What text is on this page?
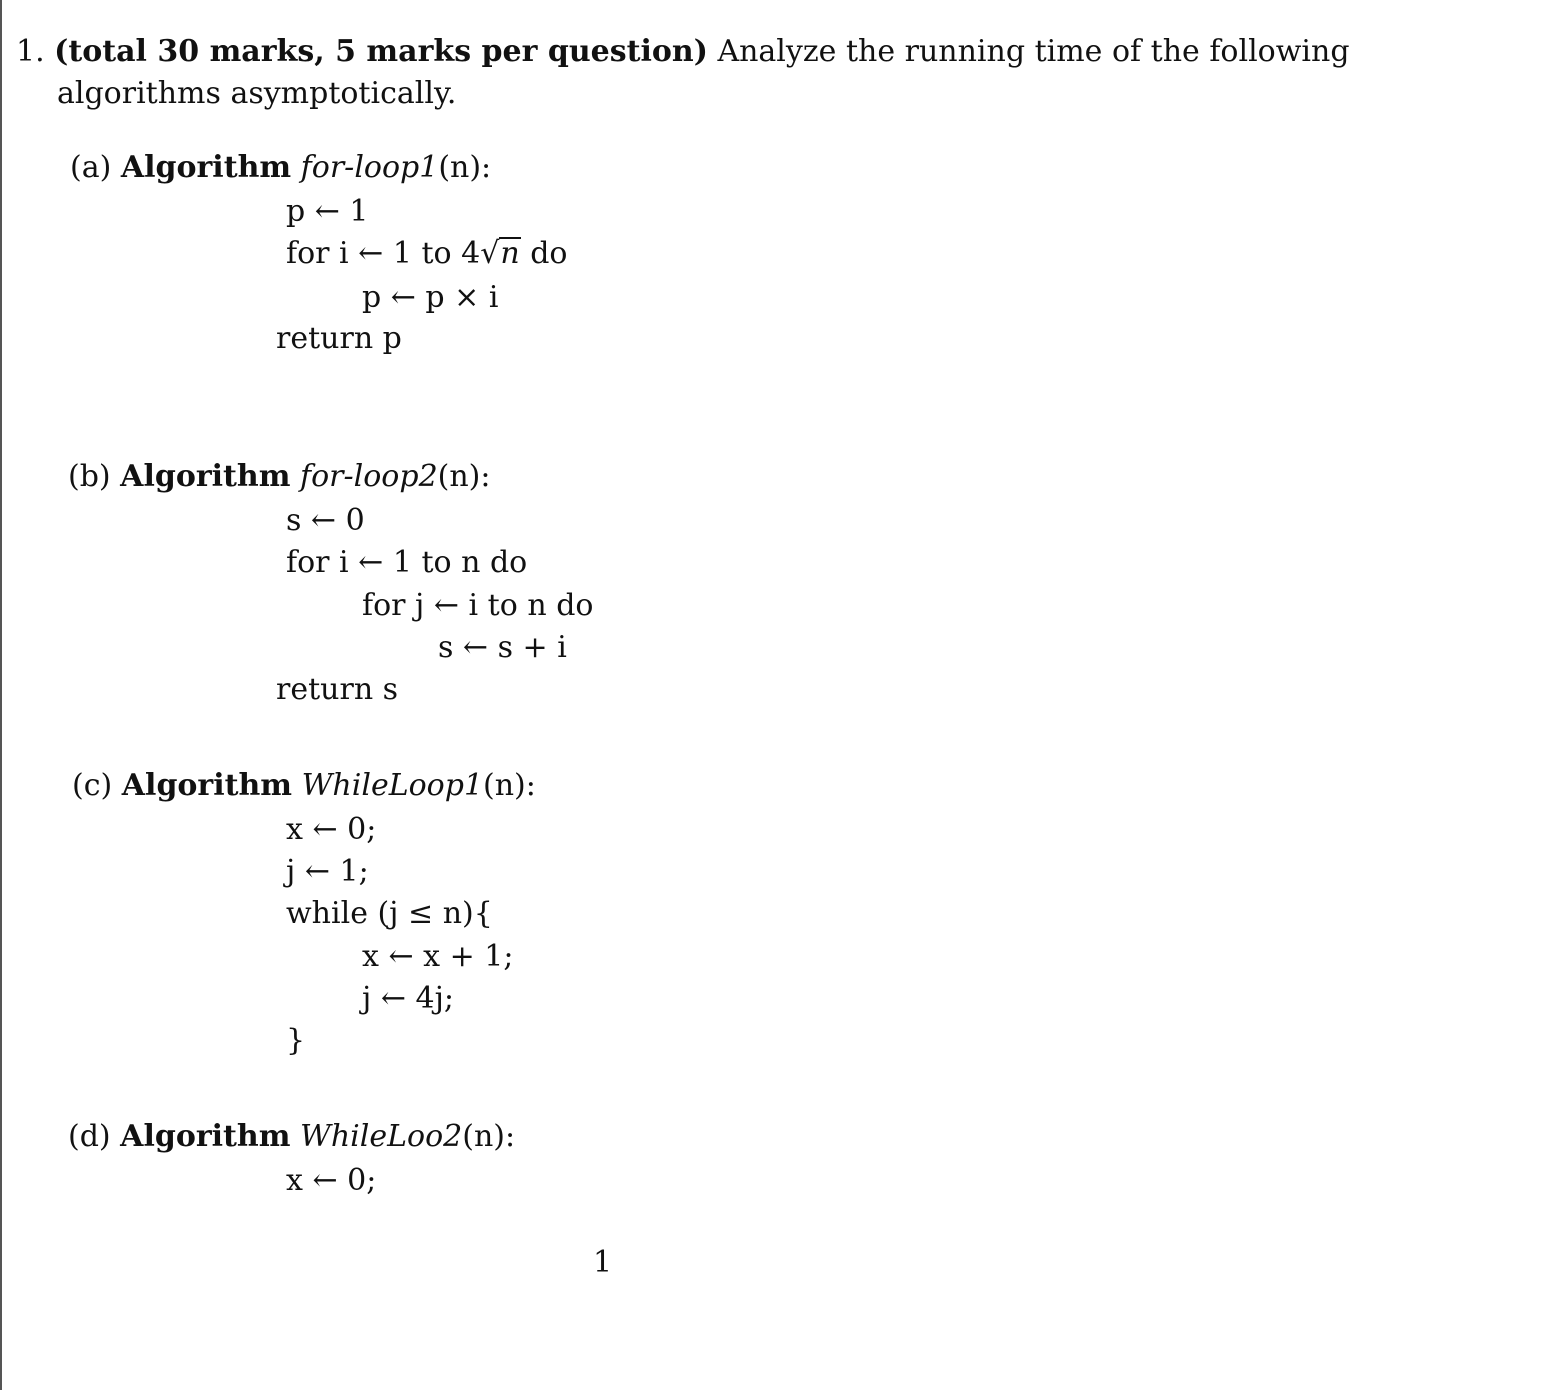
1. (total 30 marks, 5 marks per question) Analyze the running time of the following
algorithms asymptotically.
(a) Algorithm for-loop1(n):
p ← 1
for i ← 1 to 4√n do
p ← p × i
return p
(b) Algorithm for-loop2(n):
s ← 0
for i ← 1 to n do
for j ← i to n do
s ← s + i
return s
(c) Algorithm WhileLoop1(n):
x ← 0;
j ← 1;
while (j ≤ n){
x ← x + 1;
j ← 4j;
}
(d) Algorithm WhileLoo2(n):
x ← 0;
1
